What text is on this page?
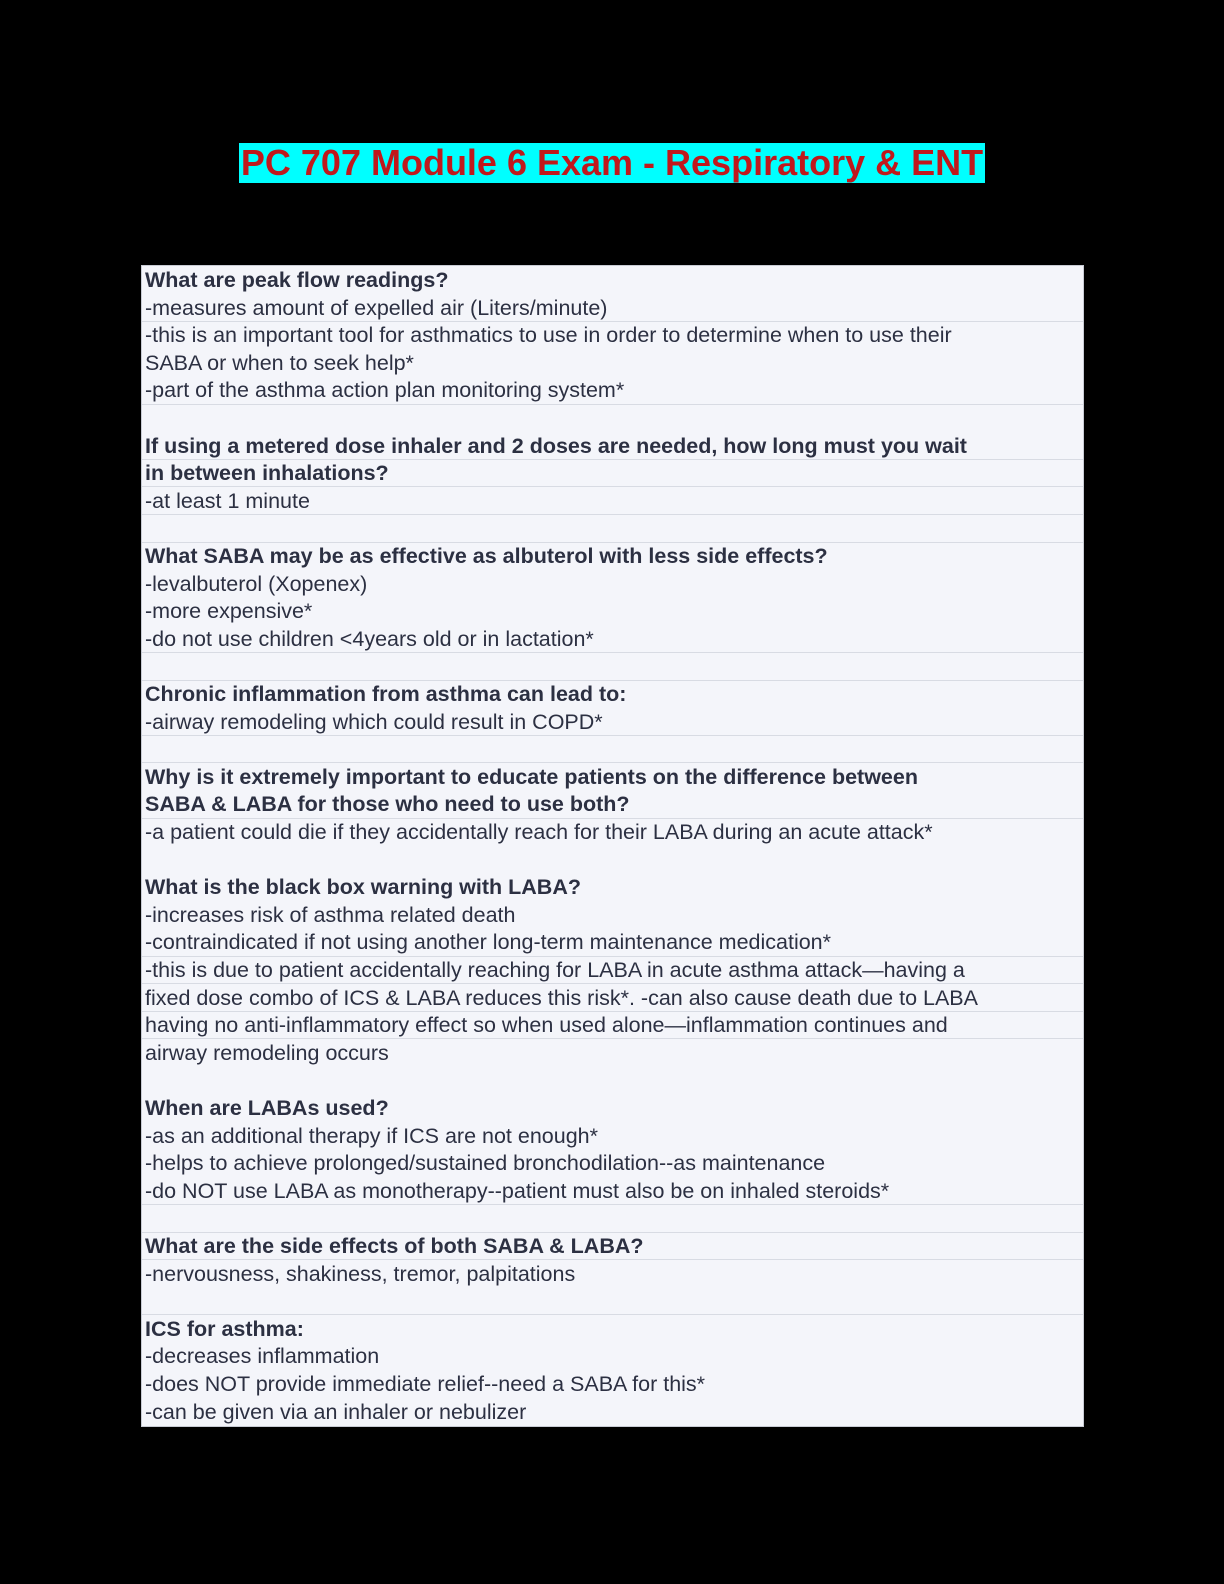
PC 707 Module 6 Exam - Respiratory & ENT
What are peak flow readings?
-measures amount of expelled air (Liters/minute)
-this is an important tool for asthmatics to use in order to determine when to use their
SABA or when to seek help*
-part of the asthma action plan monitoring system*
If using a metered dose inhaler and 2 doses are needed, how long must you wait
in between inhalations?
-at least 1 minute
What SABA may be as effective as albuterol with less side effects?
-levalbuterol (Xopenex)
-more expensive*
-do not use children <4years old or in lactation*
Chronic inflammation from asthma can lead to:
-airway remodeling which could result in COPD*
Why is it extremely important to educate patients on the difference between
SABA & LABA for those who need to use both?
-a patient could die if they accidentally reach for their LABA during an acute attack*
What is the black box warning with LABA?
-increases risk of asthma related death
-contraindicated if not using another long-term maintenance medication*
-this is due to patient accidentally reaching for LABA in acute asthma attack—having a
fixed dose combo of ICS & LABA reduces this risk*. -can also cause death due to LABA
having no anti-inflammatory effect so when used alone—inflammation continues and
airway remodeling occurs
When are LABAs used?
-as an additional therapy if ICS are not enough*
-helps to achieve prolonged/sustained bronchodilation--as maintenance
-do NOT use LABA as monotherapy--patient must also be on inhaled steroids*
What are the side effects of both SABA & LABA?
-nervousness, shakiness, tremor, palpitations
ICS for asthma:
-decreases inflammation
-does NOT provide immediate relief--need a SABA for this*
-can be given via an inhaler or nebulizer
